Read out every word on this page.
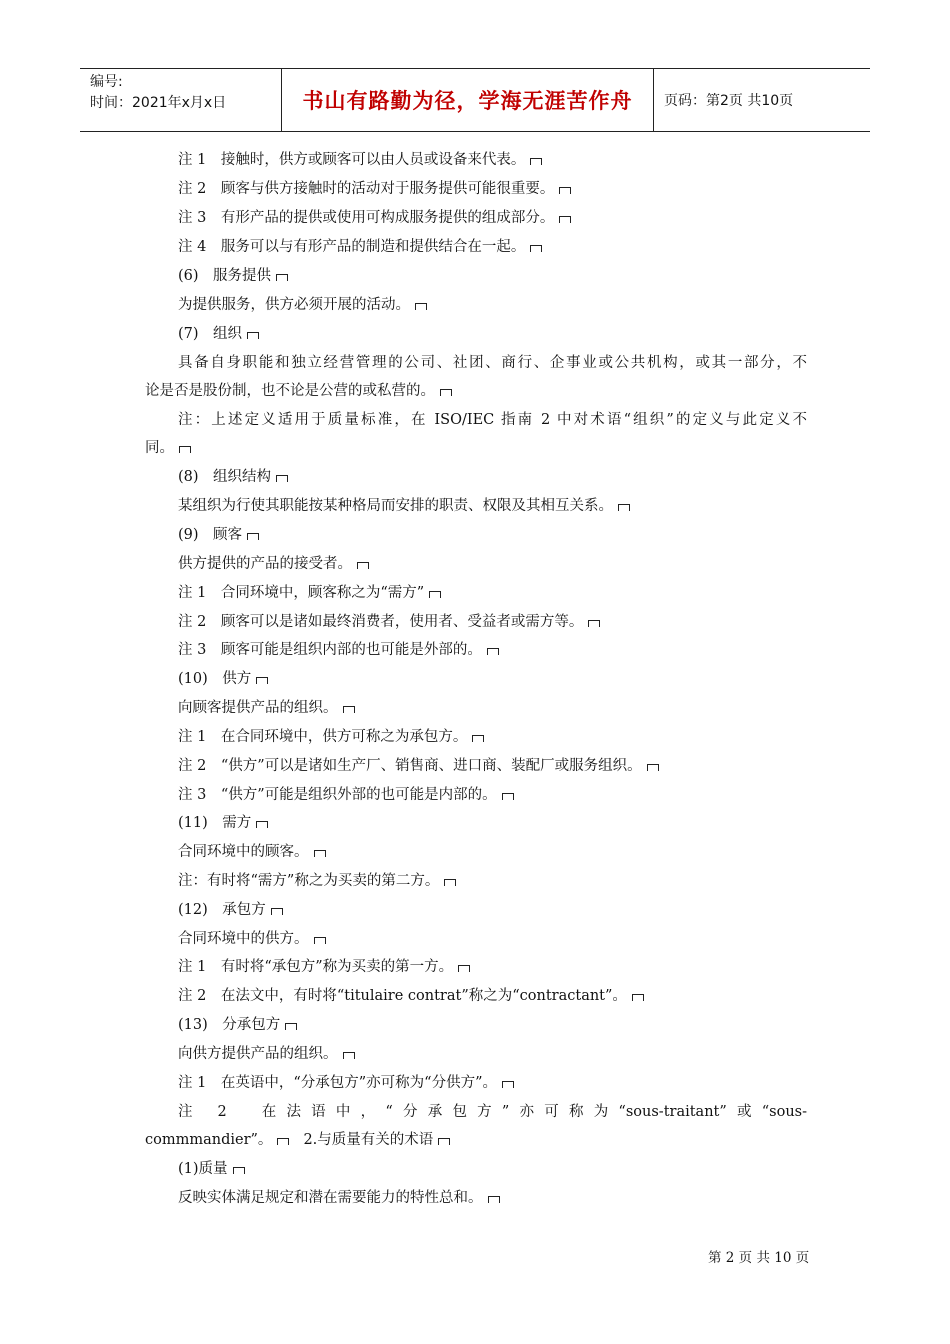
编号:
时间：2021年x月x日	书山有路勤为径，学海无涯苦作舟	页码：第2页 共10页
注 1　接触时，供方或顾客可以由人员或设备来代表。
注 2　顾客与供方接触时的活动对于服务提供可能很重要。
注 3　有形产品的提供或使用可构成服务提供的组成部分。
注 4　服务可以与有形产品的制造和提供结合在一起。
(6)　服务提供
为提供服务，供方必须开展的活动。
(7)　组织
具备自身职能和独立经营管理的公司、社团、商行、企事业或公共机构，或其一部分，不
论是否是股份制，也不论是公营的或私营的。
注：上述定义适用于质量标准，在 ISO/IEC 指南 2 中对术语“组织”的定义与此定义不
同。
(8)　组织结构
某组织为行使其职能按某种格局而安排的职责、权限及其相互关系。
(9)　顾客
供方提供的产品的接受者。
注 1　合同环境中，顾客称之为“需方”
注 2　顾客可以是诸如最终消费者，使用者、受益者或需方等。
注 3　顾客可能是组织内部的也可能是外部的。
(10)　供方
向顾客提供产品的组织。
注 1　在合同环境中，供方可称之为承包方。
注 2　“供方”可以是诸如生产厂、销售商、进口商、装配厂或服务组织。
注 3　“供方”可能是组织外部的也可能是内部的。
(11)　需方
合同环境中的顾客。
注：有时将“需方”称之为买卖的第二方。
(12)　承包方
合同环境中的供方。
注 1　有时将“承包方”称为买卖的第一方。
注 2　在法文中，有时将“titulaire contrat”称之为“contractant”。
(13)　分承包方
向供方提供产品的组织。
注 1　在英语中，“分承包方”亦可称为“分供方”。
注 2　在法语中，“分承包方”亦可称为“sous-traitant”或“sous-
commmandier”。 2.与质量有关的术语
(1)质量
反映实体满足规定和潜在需要能力的特性总和。
第 2 页 共 10 页
